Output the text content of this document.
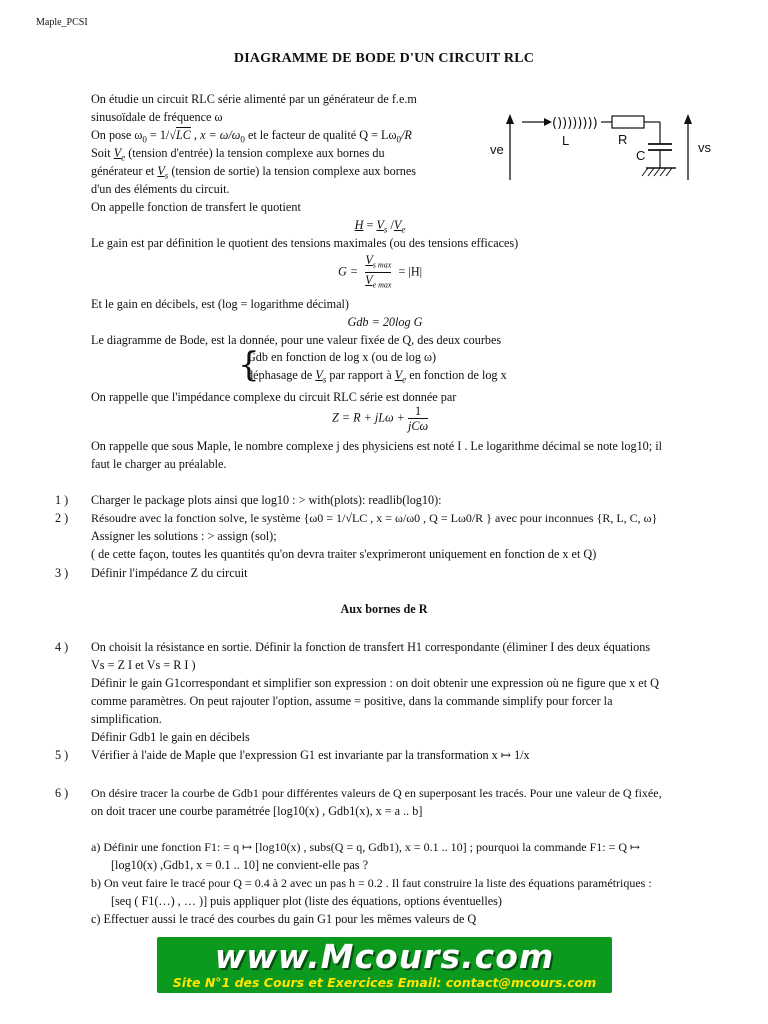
Maple_PCSI
DIAGRAMME DE BODE D'UN CIRCUIT RLC
On étudie un circuit RLC série alimenté par un générateur de f.e.m
sinusoïdale de fréquence ω
On pose $\omega_0 = 1/√LC$ , $x = \omega/\omega_0$ et le facteur de qualité $Q = L\omega_0/R$
Soit $V_e$ (tension d'entrée) la tension complexe aux bornes du
générateur et $V_s$ (tension de sortie) la tension complexe aux bornes
d'un des éléments du circuit.
On appelle fonction de transfert le quotient
())))))))
ve
L	R
C
vs
$H = V_s$ $/V_e$
Le gain est par définition le quotient des tensions maximales (ou des tensions efficaces)
$G = \frac{V_{s max}}{V_{e max}} = |H|$
Et le gain en décibels, est (log = logarithme décimal)
Gdb = 20log G
Le diagramme de Bode, est la donnée, pour une valeur fixée de Q, des deux courbes
{
Gdb en fonction de log x (ou de log ω)
déphasage de $V_s$ par rapport à $V_e$ en fonction de log x
On rappelle que l'impédance complexe du circuit RLC série est donnée par
$Z = R + jL\omega + \frac{1}{\text{jCω}}$
On rappelle que sous Maple, le nombre complexe j des physiciens est noté I . Le logarithme décimal se note log10; il
faut le charger au préalable.
1 ) Charger le package plots ainsi que log10 : > with(plots): readlib(log10):
2 ) Résoudre avec la fonction solve, le système {ω0 = 1/√LC , x = ω/ω0 , Q = Lω0/R } avec pour inconnues {R, L, C, ω}
Assigner les solutions : > assign (sol);
( de cette façon, toutes les quantités qu'on devra traiter s'exprimeront uniquement en fonction de x et Q)
3 ) Définir l'impédance Z du circuit
Aux bornes de R
4 ) On choisit la résistance en sortie. Définir la fonction de transfert H1 correspondante (éliminer I des deux équations
Vs = Z I et Vs = R I )
Définir le gain G1correspondant et simplifier son expression : on doit obtenir une expression où ne figure que x et Q
comme paramètres. On peut rajouter l'option, assume = positive, dans la commande simplify pour forcer la
simplification.
Définir Gdb1 le gain en décibels
5 ) Vérifier à l'aide de Maple que l'expression G1 est invariante par la transformation x ↦ 1/x
6 ) On désire tracer la courbe de Gdb1 pour différentes valeurs de Q en superposant les tracés. Pour une valeur de Q fixée,
on doit tracer une courbe paramétrée [log10(x) , Gdb1(x), x = a .. b]
a) Définir une fonction F1: = q ↦ [log10(x) , subs(Q = q, Gdb1), x = 0.1 .. 10] ; pourquoi la commande F1: = Q ↦
[log10(x) ,Gdb1, x = 0.1 .. 10] ne convient-elle pas ?
b) On veut faire le tracé pour Q = 0.4 à 2 avec un pas h = 0.2 . Il faut construire la liste des équations paramétriques :
[seq ( F1(…) , … )] puis appliquer plot (liste des équations, options éventuelles)
c) Effectuer aussi le tracé des courbes du gain G1 pour les mêmes valeurs de Q
www.Mcours.com
Site N°1 des Cours et Exercices Email: contact@mcours.com
